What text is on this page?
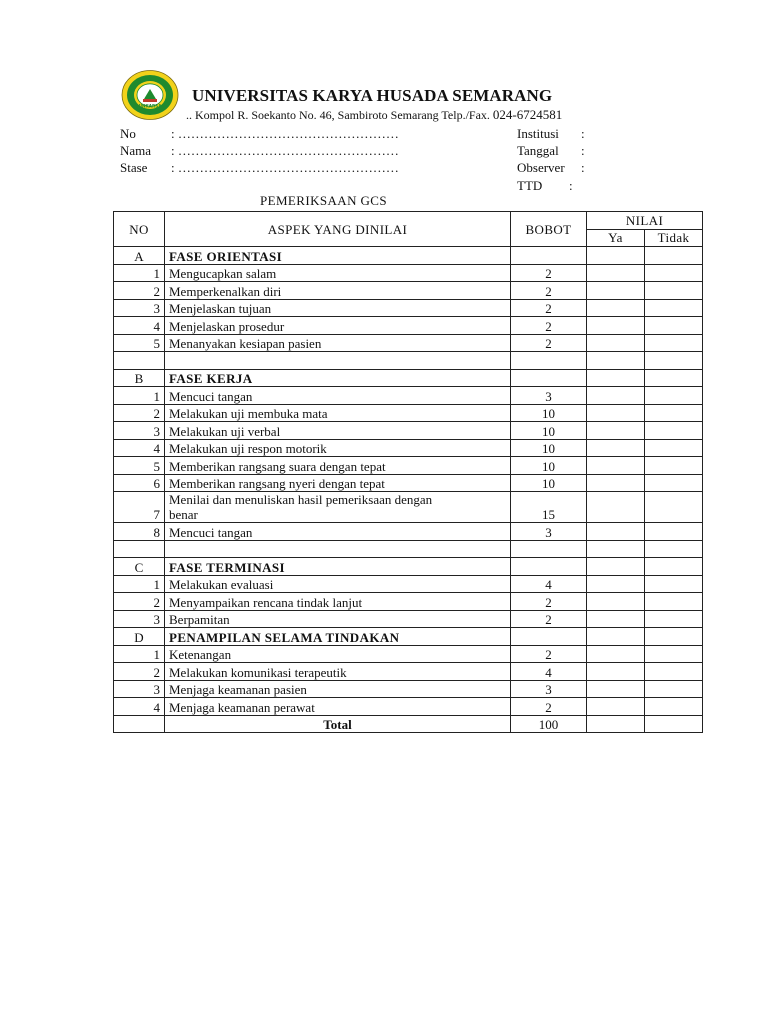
UNKARSA
UNIVERSITAS KARYA HUSADA SEMARANG
.. Kompol R. Soekanto No. 46, Sambiroto Semarang Telp./Fax. 024-6724581
No	: ……………………………………………
Nama : ……………………………………………
Stase : ……………………………………………
Institusi :
Tanggal :
Observer :
TTD :
PEMERIKSAAN GCS
NO	ASPEK YANG DINILAI	BOBOT	NILAI	
			Ya	Tidak
A	FASE ORIENTASI			
1	Mengucapkan salam	2		
2	Memperkenalkan diri	2		
3	Menjelaskan tujuan	2		
4	Menjelaskan prosedur	2		
5	Menanyakan kesiapan pasien	2		

B	FASE KERJA			
1	Mencuci tangan	3		
2	Melakukan uji membuka mata	10		
3	Melakukan uji verbal	10		
4	Melakukan uji respon motorik	10		
5	Memberikan rangsang suara dengan tepat	10		
6	Memberikan rangsang nyeri dengan tepat	10		
7	Menilai dan menuliskan hasil pemeriksaan dengan
benar	15		
8	Mencuci tangan	3		

C	FASE TERMINASI			
1	Melakukan evaluasi	4		
2	Menyampaikan rencana tindak lanjut	2		
3	Berpamitan	2		
D	PENAMPILAN SELAMA TINDAKAN			
1	Ketenangan	2		
2	Melakukan komunikasi terapeutik	4		
3	Menjaga keamanan pasien	3		
4	Menjaga keamanan perawat	2		
	Total	100		
